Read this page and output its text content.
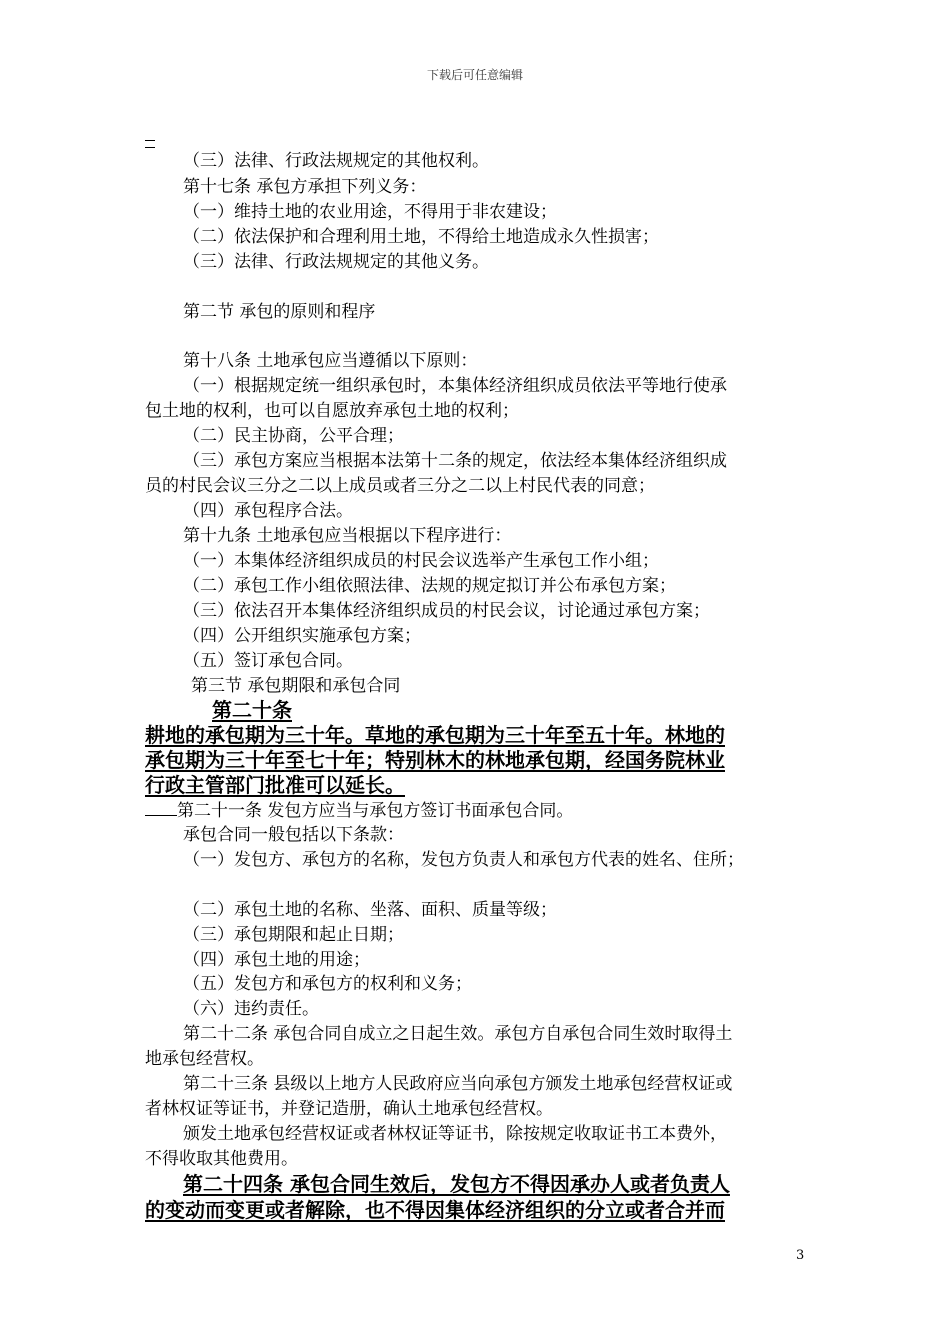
下载后可任意编辑
（三）法律、行政法规规定的其他权利。
第十七条 承包方承担下列义务：
（一）维持土地的农业用途，不得用于非农建设；
（二）依法保护和合理利用土地，不得给土地造成永久性损害；
（三）法律、行政法规规定的其他义务。
第二节 承包的原则和程序
第十八条 土地承包应当遵循以下原则：
（一）根据规定统一组织承包时，本集体经济组织成员依法平等地行使承
包土地的权利，也可以自愿放弃承包土地的权利；
（二）民主协商，公平合理；
（三）承包方案应当根据本法第十二条的规定，依法经本集体经济组织成
员的村民会议三分之二以上成员或者三分之二以上村民代表的同意；
（四）承包程序合法。
第十九条 土地承包应当根据以下程序进行：
（一）本集体经济组织成员的村民会议选举产生承包工作小组；
（二）承包工作小组依照法律、法规的规定拟订并公布承包方案；
（三）依法召开本集体经济组织成员的村民会议，讨论通过承包方案；
（四）公开组织实施承包方案；
（五）签订承包合同。
第三节 承包期限和承包合同
第二十条
耕地的承包期为三十年。草地的承包期为三十年至五十年。林地的
承包期为三十年至七十年；特别林木的林地承包期，经国务院林业
行政主管部门批准可以延长。
第二十一条 发包方应当与承包方签订书面承包合同。
承包合同一般包括以下条款：
（一）发包方、承包方的名称，发包方负责人和承包方代表的姓名、住所；
（二）承包土地的名称、坐落、面积、质量等级；
（三）承包期限和起止日期；
（四）承包土地的用途；
（五）发包方和承包方的权利和义务；
（六）违约责任。
第二十二条 承包合同自成立之日起生效。承包方自承包合同生效时取得土
地承包经营权。
第二十三条 县级以上地方人民政府应当向承包方颁发土地承包经营权证或
者林权证等证书，并登记造册，确认土地承包经营权。
颁发土地承包经营权证或者林权证等证书，除按规定收取证书工本费外，
不得收取其他费用。
第二十四条 承包合同生效后，发包方不得因承办人或者负责人
的变动而变更或者解除，也不得因集体经济组织的分立或者合并而
3
